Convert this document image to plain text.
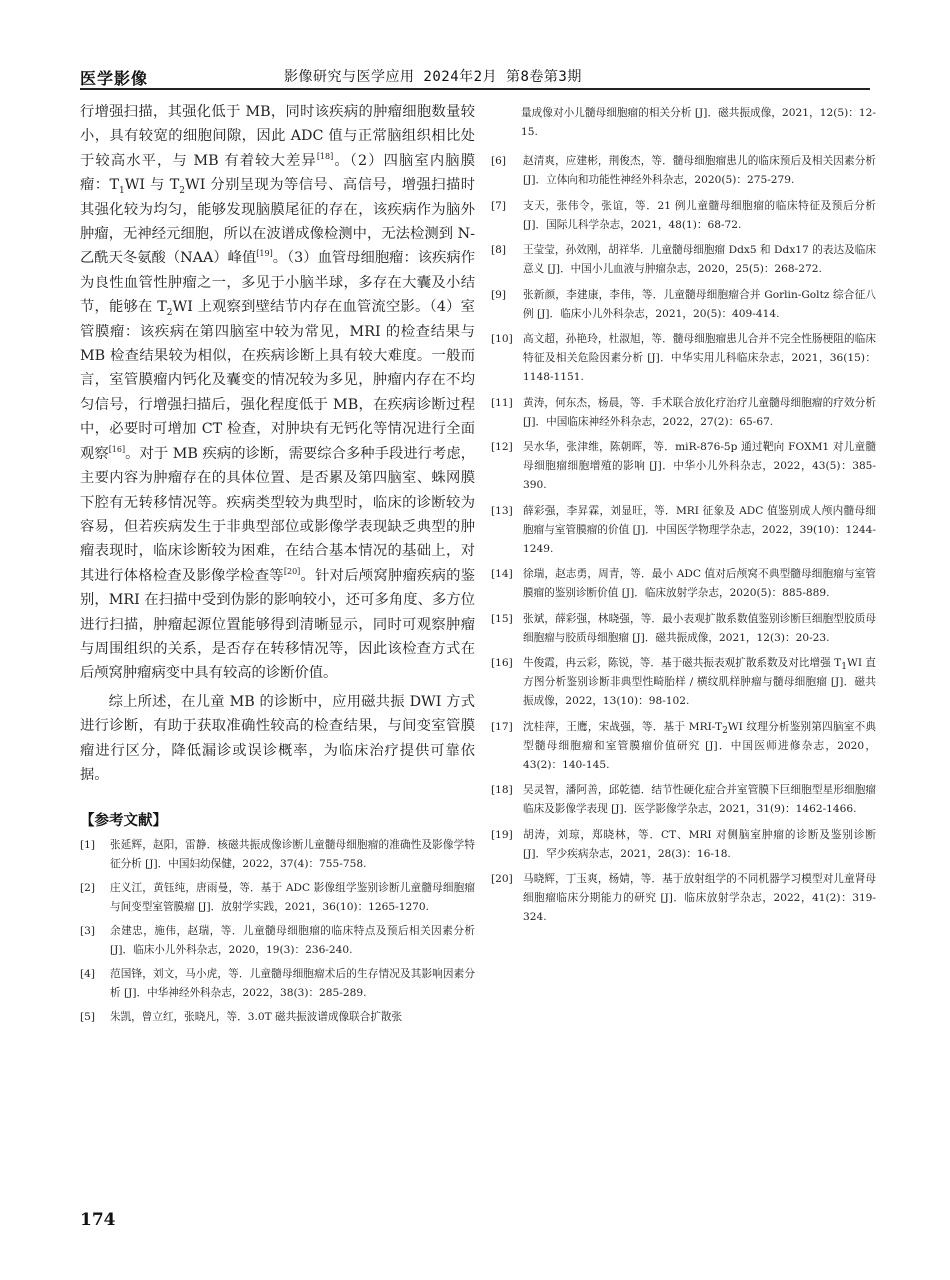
医学影像	影像研究与医学应用 2024年2月 第8卷第3期

行增强扫描，其强化低于 MB，同时该疾病的肿瘤细胞数量较小，具有较宽的细胞间隙，因此 ADC 值与正常脑组织相比处于较高水平，与 MB 有着较大差异[18]。（2）四脑室内脑膜瘤：$T_1WI$ 与 $T_2WI$ 分别呈现为等信号、高信号，增强扫描时其强化较为均匀，能够发现脑膜尾征的存在，该疾病作为脑外肿瘤，无神经元细胞，所以在波谱成像检测中，无法检测到 N- 乙酰天冬氨酸（NAA）峰值[19]。（3）血管母细胞瘤：该疾病作为良性血管性肿瘤之一，多见于小脑半球，多存在大囊及小结节，能够在 $T_2WI$ 上观察到壁结节内存在血管流空影。（4）室管膜瘤：该疾病在第四脑室中较为常见，MRI 的检查结果与 MB 检查结果较为相似，在疾病诊断上具有较大难度。一般而言，室管膜瘤内钙化及囊变的情况较为多见，肿瘤内存在不均匀信号，行增强扫描后，强化程度低于 MB，在疾病诊断过程中，必要时可增加 CT 检查，对肿块有无钙化等情况进行全面观察[16]。对于 MB 疾病的诊断，需要综合多种手段进行考虑，主要内容为肿瘤存在的具体位置、是否累及第四脑室、蛛网膜下腔有无转移情况等。疾病类型较为典型时，临床的诊断较为容易，但若疾病发生于非典型部位或影像学表现缺乏典型的肿瘤表现时，临床诊断较为困难，在结合基本情况的基础上，对其进行体格检查及影像学检查等[20]。针对后颅窝肿瘤疾病的鉴别，MRI 在扫描中受到伪影的影响较小，还可多角度、多方位进行扫描，肿瘤起源位置能够得到清晰显示，同时可观察肿瘤与周围组织的关系，是否存在转移情况等，因此该检查方式在后颅窝肿瘤病变中具有较高的诊断价值。

综上所述，在儿童 MB 的诊断中，应用磁共振 DWI 方式进行诊断，有助于获取准确性较高的检查结果，与间变室管膜瘤进行区分，降低漏诊或误诊概率，为临床治疗提供可靠依据。

【参考文献】
[1]	张延辉，赵阳，雷静．核磁共振成像诊断儿童髓母细胞瘤的准确性及影像学特征分析 [J]．中国妇幼保健，2022，37(4)：755-758.
[2]	庄义江，黄钰纯，唐雨曼，等．基于 ADC 影像组学鉴别诊断儿童髓母细胞瘤与间变型室管膜瘤 [J]．放射学实践，2021，36(10)：1265-1270.
[3]	余建忠，施伟，赵瑞，等．儿童髓母细胞瘤的临床特点及预后相关因素分析 [J]．临床小儿外科杂志，2020，19(3)：236-240.
[4]	范国锋，刘文，马小虎，等．儿童髓母细胞瘤术后的生存情况及其影响因素分析 [J]．中华神经外科杂志，2022，38(3)：285-289.
[5]	朱凯，曾立红，张晓凡，等．3.0T 磁共振波谱成像联合扩散张
量成像对小儿髓母细胞瘤的相关分析 [J]．磁共振成像，2021，12(5)：12-15.
[6]	赵清爽，应建彬，荆俊杰，等．髓母细胞瘤患儿的临床预后及相关因素分析 [J]．立体向和功能性神经外科杂志，2020(5)：275-279.
[7]	支天，张伟令，张谊，等．21 例儿童髓母细胞瘤的临床特征及预后分析 [J]．国际儿科学杂志，2021，48(1)：68-72.
[8]	王莹莹，孙效刚，胡祥华．儿童髓母细胞瘤 Ddx5 和 Ddx17 的表达及临床意义 [J]．中国小儿血液与肿瘤杂志，2020，25(5)：268-272.
[9]	张新颜，李建康，李伟，等．儿童髓母细胞瘤合并 Gorlin-Goltz 综合征八例 [J]．临床小儿外科杂志，2021，20(5)：409-414.
[10] 高文超，孙艳玲，杜淑旭，等．髓母细胞瘤患儿合并不完全性肠梗阻的临床特征及相关危险因素分析 [J]．中华实用儿科临床杂志，2021，36(15)：1148-1151.
[11] 黄涛，何东杰，杨晨，等．手术联合放化疗治疗儿童髓母细胞瘤的疗效分析 [J]．中国临床神经外科杂志，2022，27(2)：65-67.
[12] 吴水华，张津维，陈朝晖，等．miR-876-5p 通过靶向 FOXM1 对儿童髓母细胞瘤细胞增殖的影响 [J]．中华小儿外科杂志，2022，43(5)：385-390.
[13] 薛彩强，李昇霖，刘显旺，等．MRI 征象及 ADC 值鉴别成人颅内髓母细胞瘤与室管膜瘤的价值 [J]．中国医学物理学杂志，2022，39(10)：1244-1249.
[14] 徐瑞，赵志勇，周青，等．最小 ADC 值对后颅窝不典型髓母细胞瘤与室管膜瘤的鉴别诊断价值 [J]．临床放射学杂志，2020(5)：885-889.
[15] 张斌，薛彩强，林晓强，等．最小表观扩散系数值鉴别诊断巨细胞型胶质母细胞瘤与胶质母细胞瘤 [J]．磁共振成像，2021，12(3)：20-23.
[16] 牛俊霞，冉云彩，陈锐，等．基于磁共振表观扩散系数及对比增强 $T_1WI$ 直方图分析鉴别诊断非典型性畸胎样 / 横纹肌样肿瘤与髓母细胞瘤 [J]．磁共振成像，2022，13(10)：98-102.
[17] 沈桂萍，王鹰，宋战强，等．基于 MRI-$T_2WI$ 纹理分析鉴别第四脑室不典型髓母细胞瘤和室管膜瘤价值研究 [J]．中国医师进修杂志，2020，43(2)：140-145.
[18] 吴灵智，潘阿善，邱乾德．结节性硬化症合并室管膜下巨细胞型星形细胞瘤临床及影像学表现 [J]．医学影像学杂志，2021，31(9)：1462-1466.
[19] 胡涛，刘琼，郑晓林，等．CT、MRI 对侧脑室肿瘤的诊断及鉴别诊断 [J]．罕少疾病杂志，2021，28(3)：16-18.
[20] 马晓辉，丁玉爽，杨婧，等．基于放射组学的不同机器学习模型对儿童肾母细胞瘤临床分期能力的研究 [J]．临床放射学杂志，2022，41(2)：319-324.
174
